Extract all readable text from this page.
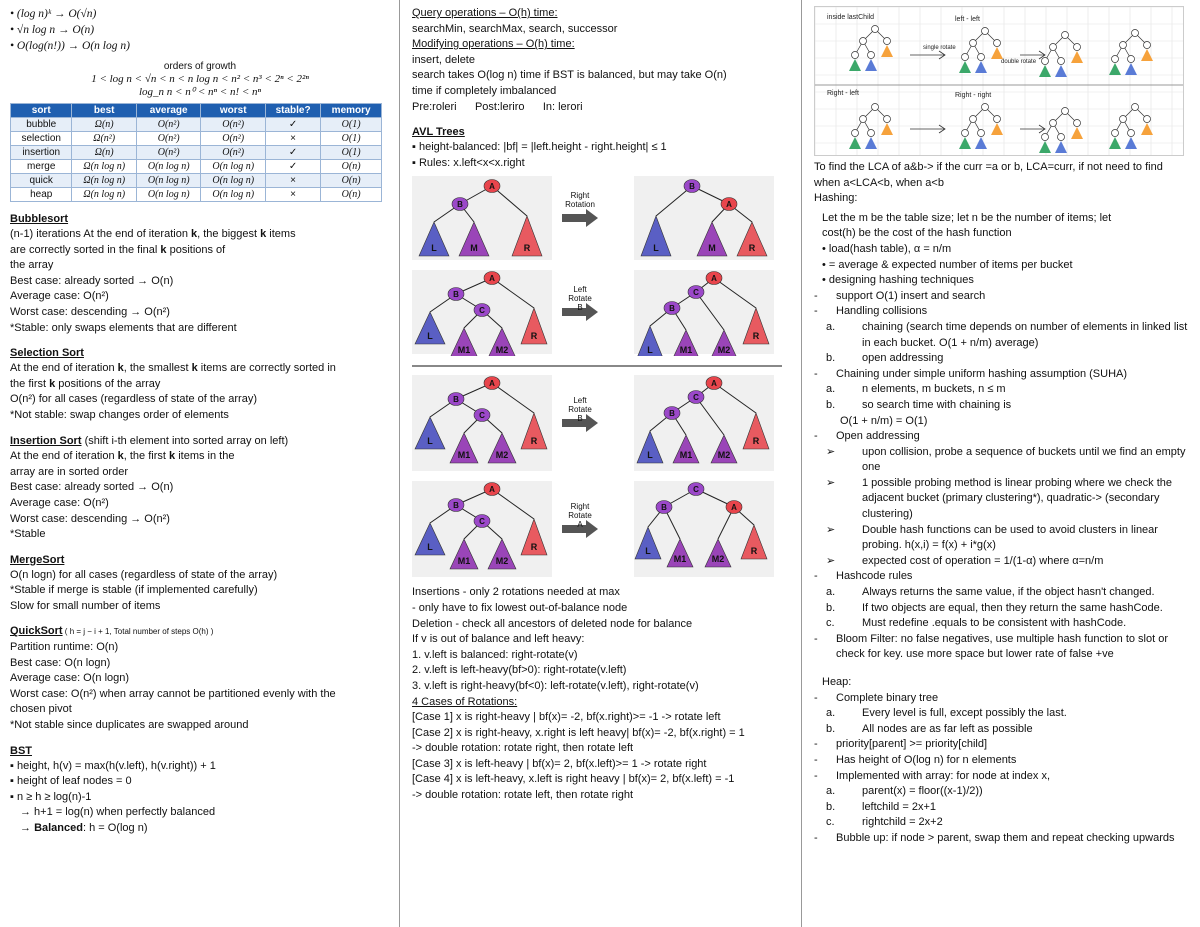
• (log n)ᵏ → O(√n)
• √n log n → O(n)
• O(log(n!)) → O(n log n)
orders of growth
1 < log n < √n < n < n log n < n² < n³ < 2ⁿ < 2²ⁿ
log_n n < n⁰ < nⁿ < n! < nⁿ
sort	best	average	worst	stable?	memory
bubble	Ω(n)	O(n²)	O(n²)	✓	O(1)
selection	Ω(n²)	O(n²)	O(n²)	×	O(1)
insertion	Ω(n)	O(n²)	O(n²)	✓	O(1)
merge	Ω(n log n)	O(n log n)	O(n log n)	✓	O(n)
quick	Ω(n log n)	O(n log n)	O(n log n)	×	O(n)
heap	Ω(n log n)	O(n log n)	O(n log n)	×	O(n)
Bubblesort
(n-1) iterations At the end of iteration k, the biggest k items
are correctly sorted in the final k positions of
the array
Best case: already sorted → O(n)
Average case: O(n²)
Worst case: descending → O(n²)
*Stable: only swaps elements that are different
Selection Sort
At the end of iteration k, the smallest k items are correctly sorted in
the first k positions of the array
O(n²) for all cases (regardless of state of the array)
*Not stable: swap changes order of elements
Insertion Sort (shift i-th element into sorted array on left)
At the end of iteration k, the first k items in the
array are in sorted order
Best case: already sorted → O(n)
Average case: O(n²)
Worst case: descending → O(n²)
*Stable
MergeSort
O(n logn) for all cases (regardless of state of the array)
*Stable if merge is stable (if implemented carefully)
Slow for small number of items
QuickSort ( h = j − i + 1, Total number of steps O(h) )
Partition runtime: O(n)
Best case: O(n logn)
Average case: O(n logn)
Worst case: O(n²) when array cannot be partitioned evenly with the
chosen pivot
*Not stable since duplicates are swapped around
BST
▪ height, h(v) = max(h(v.left), h(v.right)) + 1
▪ height of leaf nodes = 0
▪ n ≥ h ≥ log(n)-1
→ h+1 = log(n) when perfectly balanced
→ Balanced: h = O(log n)
Query operations – O(h) time:
searchMin, searchMax, search, successor
Modifying operations – O(h) time:
insert, delete
search takes O(log n) time if BST is balanced, but may take O(n)
time if completely imbalanced
Pre:roleri      Post:leriro      In: lerori
AVL Trees
▪ height-balanced: |bf| = |left.height - right.height| ≤ 1
▪ Rules: x.left<x<x.right
L	M	R
A
B
Right
Rotation
L	M	R
B
A
L
M1	M2
R
A
B
C
Left
Rotate
B
L	M1	M2
R
A
C
B
L
M1	M2
R
A
B
C
Left
Rotate
B
L	M1	M2
R
A
C
B
L
M1	M2
R
A
B
C
Right
Rotate
A
L
M1	M2
R
C
B	A
Insertions - only 2 rotations needed at max
- only have to fix lowest out-of-balance node
Deletion - check all ancestors of deleted node for balance
If v is out of balance and left heavy:
1. v.left is balanced: right-rotate(v)
2. v.left is left-heavy(bf>0): right-rotate(v.left)
3. v.left is right-heavy(bf<0): left-rotate(v.left), right-rotate(v)
4 Cases of Rotations:
[Case 1] x is right-heavy | bf(x)= -2, bf(x.right)>= -1 -> rotate left
[Case 2] x is right-heavy, x.right is left heavy| bf(x)= -2, bf(x.right) = 1
-> double rotation: rotate right, then rotate left
[Case 3] x is left-heavy | bf(x)= 2, bf(x.left)>= 1 -> rotate right
[Case 4] x is left-heavy, x.left is right heavy | bf(x)= 2, bf(x.left) = -1
-> double rotation: rotate left, then rotate right
inside lastChild	left - left
Right - left	Right - right
single rotate
double rotate
To find the LCA of a&b-> if the curr =a or b, LCA=curr, if not need to find when a<LCA<b, when a<b
Hashing:
Let the m be the table size; let n be the number of items; let
cost(h) be the cost of the hash function
• load(hash table), α = n/m
• = average & expected number of items per bucket
• designing hashing techniques
-	support O(1) insert and search
-	Handling collisions
a.	chaining (search time depends on number of elements in linked list in each bucket. O(1 + n/m) average)
b.	open addressing
-	Chaining under simple uniform hashing assumption (SUHA)
a.	n elements, m buckets, n ≤ m
b.	so search time with chaining is
O(1 + n/m) = O(1)
-	Open addressing
➢	upon collision, probe a sequence of buckets until we find an empty one
➢	1 possible probing method is linear probing where we check the adjacent bucket (primary clustering*), quadratic-> (secondary clustering)
➢	Double hash functions can be used to avoid clusters in linear probing. h(x,i) = f(x) + i*g(x)
➢	expected cost of operation = 1/(1-α) where α=n/m
-	Hashcode rules
a.	Always returns the same value, if the object hasn't changed.
b.	If two objects are equal, then they return the same hashCode.
c.	Must redefine .equals to be consistent with hashCode.
-	Bloom Filter: no false negatives, use multiple hash function to slot or check for key. use more space but lower rate of false +ve
Heap:
-	Complete binary tree
a.	Every level is full, except possibly the last.
b.	All nodes are as far left as possible
-	priority[parent] >= priority[child]
-	Has height of O(log n) for n elements
-	Implemented with array: for node at index x,
a.	parent(x) = floor((x-1)/2))
b.	leftchild = 2x+1
c.	rightchild = 2x+2
-	Bubble up: if node > parent, swap them and repeat checking upwards
